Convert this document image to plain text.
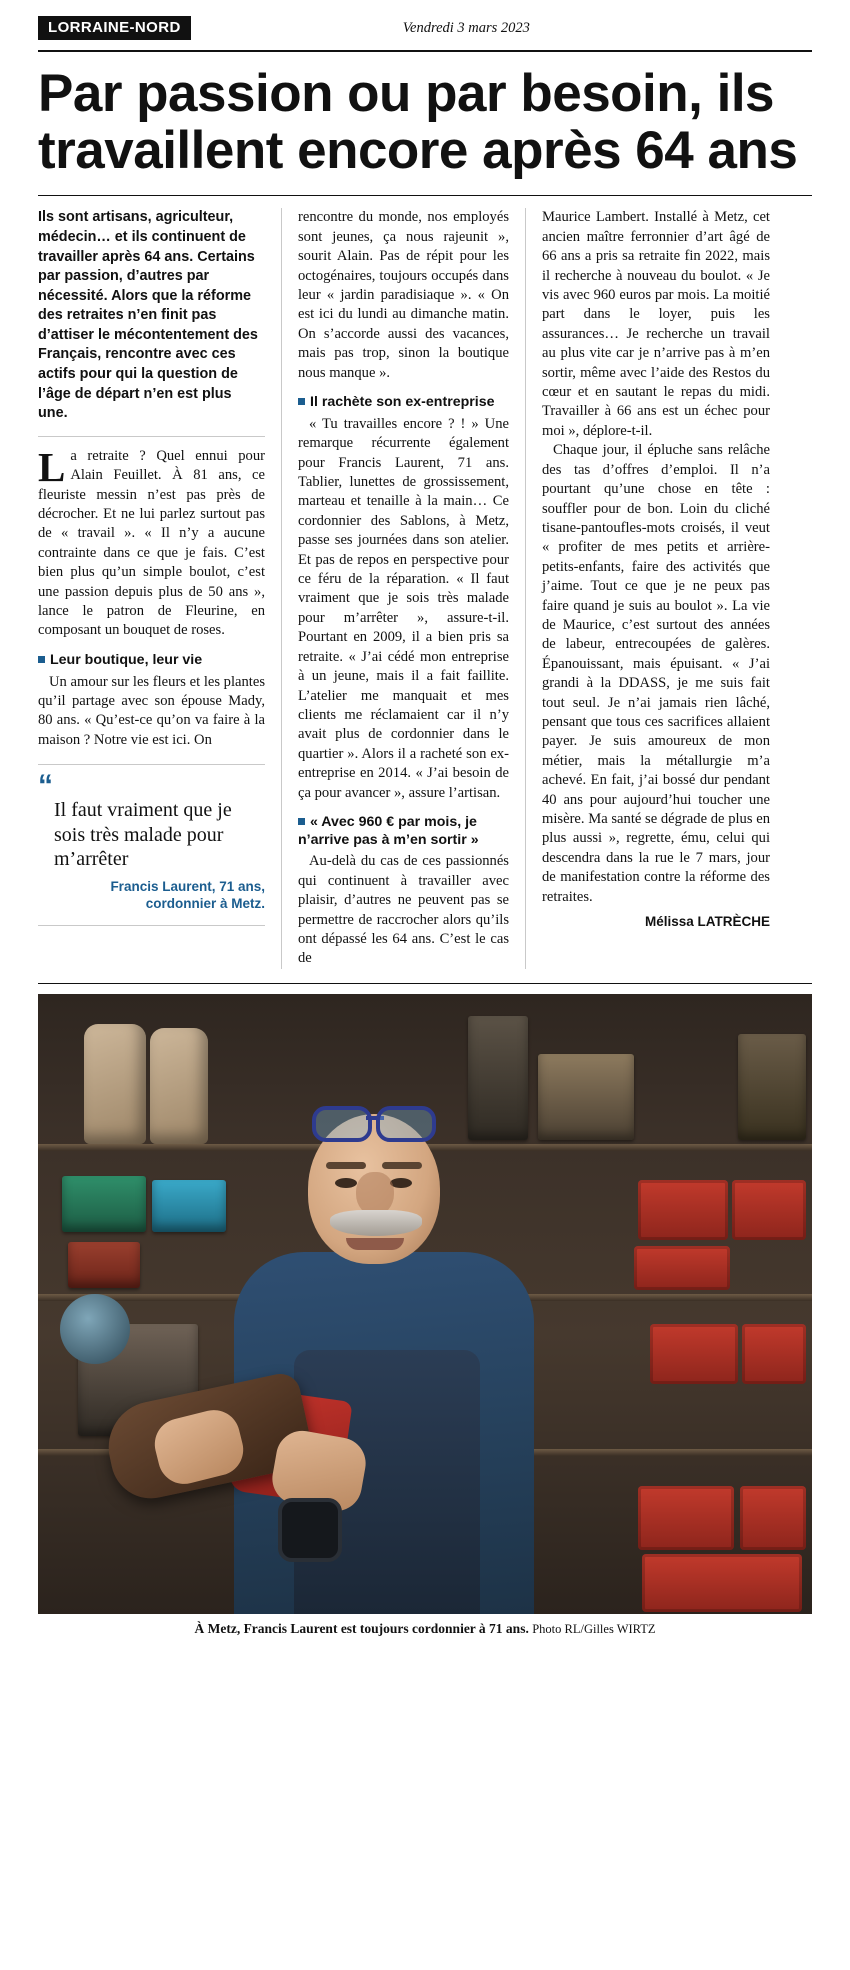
LORRAINE-NORD	Vendredi 3 mars 2023
Par passion ou par besoin, ils travaillent encore après 64 ans
Ils sont artisans, agriculteur, médecin… et ils continuent de travailler après 64 ans. Certains par passion, d’autres par nécessité. Alors que la réforme des retraites n’en finit pas d’attiser le mécontentement des Français, rencontre avec ces actifs pour qui la question de l’âge de départ n’en est plus une.

La retraite ? Quel ennui pour Alain Feuillet. À 81 ans, ce fleuriste messin n’est pas près de décrocher. Et ne lui parlez surtout pas de « travail ». « Il n’y a aucune contrainte dans ce que je fais. C’est bien plus qu’un simple boulot, c’est une passion depuis plus de 50 ans », lance le patron de Fleurine, en composant un bouquet de roses.

Leur boutique, leur vie

Un amour sur les fleurs et les plantes qu’il partage avec son épouse Mady, 80 ans. « Qu’est-ce qu’on va faire à la maison ? Notre vie est ici. On

“
Il faut vraiment que je sois très malade pour m’arrêter
Francis Laurent, 71 ans, cordonnier à Metz.

rencontre du monde, nos employés sont jeunes, ça nous rajeunit », sourit Alain. Pas de répit pour les octogénaires, toujours occupés dans leur « jardin paradisiaque ». « On est ici du lundi au dimanche matin. On s’accorde aussi des vacances, mais pas trop, sinon la boutique nous manque ».

Il rachète son ex-entreprise

« Tu travailles encore ? ! » Une remarque récurrente également pour Francis Laurent, 71 ans. Tablier, lunettes de grossissement, marteau et tenaille à la main… Ce cordonnier des Sablons, à Metz, passe ses journées dans son atelier. Et pas de repos en perspective pour ce féru de la réparation. « Il faut vraiment que je sois très malade pour m’arrêter », assure-t-il. Pourtant en 2009, il a bien pris sa retraite. « J’ai cédé mon entreprise à un jeune, mais il a fait faillite. L’atelier me manquait et mes clients me réclamaient car il n’y avait plus de cordonnier dans le quartier ». Alors il a racheté son ex-entreprise en 2014. « J’ai besoin de ça pour avancer », assure l’artisan.

« Avec 960 € par mois, je n’arrive pas à m’en sortir »

Au-delà du cas de ces passionnés qui continuent à travailler avec plaisir, d’autres ne peuvent pas se permettre de raccrocher alors qu’ils ont dépassé les 64 ans. C’est le cas de

Maurice Lambert. Installé à Metz, cet ancien maître ferronnier d’art âgé de 66 ans a pris sa retraite fin 2022, mais il recherche à nouveau du boulot. « Je vis avec 960 euros par mois. La moitié part dans le loyer, puis les assurances… Je recherche un travail au plus vite car je n’arrive pas à m’en sortir, même avec l’aide des Restos du cœur et en sautant le repas du midi. Travailler à 66 ans est un échec pour moi », déplore-t-il.

Chaque jour, il épluche sans relâche des tas d’offres d’emploi. Il n’a pourtant qu’une chose en tête : souffler pour de bon. Loin du cliché tisane-pantoufles-mots croisés, il veut « profiter de mes petits et arrière-petits-enfants, faire des activités que j’aime. Tout ce que je ne peux pas faire quand je suis au boulot ». La vie de Maurice, c’est surtout des années de labeur, entrecoupées de galères. Épanouissant, mais épuisant. « J’ai grandi à la DDASS, je me suis fait tout seul. Je n’ai jamais rien lâché, pensant que tous ces sacrifices allaient payer. Je suis amoureux de mon métier, mais la métallurgie m’a achevé. En fait, j’ai bossé dur pendant 40 ans pour aujourd’hui toucher une misère. Ma santé se dégrade de plus en plus aussi », regrette, ému, celui qui descendra dans la rue le 7 mars, jour de manifestation contre la réforme des retraites.

Mélissa LATRÈCHE
À Metz, Francis Laurent est toujours cordonnier à 71 ans. Photo RL/Gilles WIRTZ
